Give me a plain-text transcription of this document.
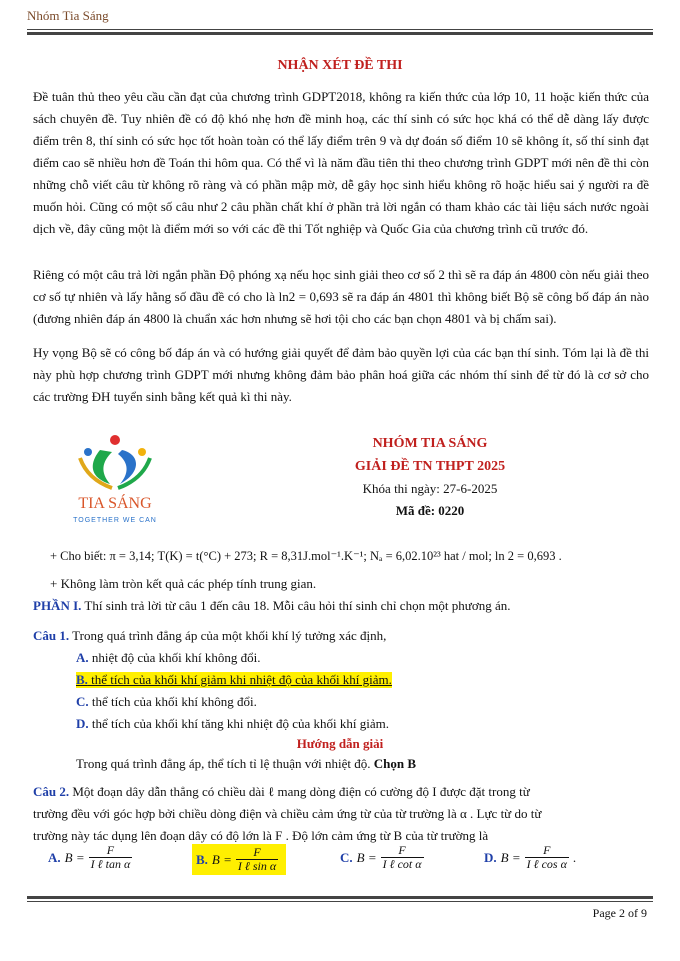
Nhóm Tia Sáng
NHẬN XÉT ĐỀ THI

Đề tuân thủ theo yêu cầu cần đạt của chương trình GDPT2018, không ra kiến thức của lớp 10, 11 hoặc kiến thức của sách chuyên đề. Tuy nhiên đề có độ khó nhẹ hơn đề minh hoạ, các thí sinh có sức học khá có thể dễ dàng lấy được điểm trên 8, thí sinh có sức học tốt hoàn toàn có thể lấy điểm trên 9 và dự đoán số điểm 10 sẽ không ít, số thí sinh đạt điểm cao sẽ nhiều hơn đề Toán thi hôm qua. Có thể vì là năm đầu tiên thi theo chương trình GDPT mới nên đề thi còn những chỗ viết câu từ không rõ ràng và có phần mập mờ, dễ gây học sinh hiểu không rõ hoặc hiểu sai ý người ra đề muốn hỏi. Cũng có một số câu như 2 câu phần chất khí ở phần trả lời ngắn có tham khảo các tài liệu sách nước ngoài dịch về, đây cũng một là điểm mới so với các đề thi Tốt nghiệp và Quốc Gia của chương trình cũ trước đó.

Riêng có một câu trả lời ngắn phần Độ phóng xạ nếu học sinh giải theo cơ số 2 thì sẽ ra đáp án 4800 còn nếu giải theo cơ số tự nhiên và lấy hằng số đầu đề có cho là ln2 = 0,693 sẽ ra đáp án 4801 thì không biết Bộ sẽ công bố đáp án nào (đương nhiên đáp án 4800 là chuẩn xác hơn nhưng sẽ hơi tội cho các bạn chọn 4801 và bị chấm sai).

Hy vọng Bộ sẽ có công bố đáp án và có hướng giải quyết để đảm bảo quyền lợi của các bạn thí sinh. Tóm lại là đề thi này phù hợp chương trình GDPT mới nhưng không đảm bảo phân hoá giữa các nhóm thí sinh để từ đó là cơ sở cho các trường ĐH tuyển sinh bằng kết quả kì thi này.

TIA SÁNG
TOGETHER WE CAN
NHÓM TIA SÁNG
GIẢI ĐỀ TN THPT 2025
Khóa thi ngày: 27-6-2025
Mã đề: 0220
+ Cho biết: π = 3,14; T(K) = t(°C) + 273; R = 8,31J.mol⁻¹.K⁻¹; Nₐ = 6,02.10²³ hat / mol; ln 2 = 0,693 .
+ Không làm tròn kết quả các phép tính trung gian.
PHẦN I. Thí sinh trả lời từ câu 1 đến câu 18. Mỗi câu hỏi thí sinh chỉ chọn một phương án.
Câu 1. Trong quá trình đẳng áp của một khối khí lý tưởng xác định,
A. nhiệt độ của khối khí không đổi.
B. thể tích của khối khí giảm khi nhiệt độ của khối khí giảm.
C. thể tích của khối khí không đổi.
D. thể tích của khối khí tăng khi nhiệt độ của khối khí giảm.
Hướng dẫn giải
Trong quá trình đẳng áp, thể tích tỉ lệ thuận với nhiệt độ. Chọn B
Câu 2. Một đoạn dây dẫn thẳng có chiều dài ℓ mang dòng điện có cường độ I được đặt trong từ
trường đều với góc hợp bởi chiều dòng điện và chiều cảm ứng từ của từ trường là α . Lực từ do từ
trường này tác dụng lên đoạn dây có độ lớn là F . Độ lớn cảm ứng từ B của từ trường là
A. $B = \frac{F}{\text{I ℓ tan α}}$	B. $B = \frac{F}{\text{I ℓ sin α}}$	C. $B = \frac{F}{\text{I ℓ cot α}}$	D. $B = \frac{F}{\text{I ℓ cos α}}$ .
Page 2 of 9
